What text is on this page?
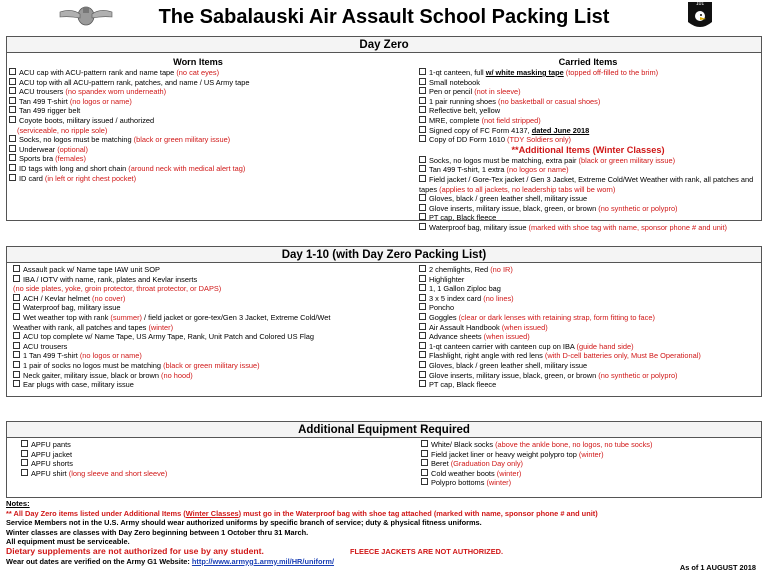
The Sabalauski Air Assault School Packing List
101
Day Zero
Worn Items
ACU cap with ACU-pattern rank and name tape (no cat eyes)
ACU top with all ACU-pattern rank, patches, and name / US Army tape
ACU trousers (no spandex worn underneath)
Tan 499 T-shirt (no logos or name)
Tan 499 rigger belt
Coyote boots, military issued / authorized
(serviceable, no ripple sole)
Socks, no logos must be matching (black or green military issue)
Underwear (optional)
Sports bra (females)
ID tags with long and short chain (around neck with medical alert tag)
ID card (in left or right chest pocket)
Carried Items
1-qt canteen, full w/ white masking tape (topped off-filled to the brim)
Small notebook
Pen or pencil (not in sleeve)
1 pair running shoes (no basketball or casual shoes)
Reflective belt, yellow
MRE, complete (not field stripped)
Signed copy of FC Form 4137, dated June 2018
Copy of DD Form 1610 (TDY Soldiers only)
**Additional Items (Winter Classes)
Socks, no logos must be matching, extra pair (black or green military issue)
Tan 499 T-shirt, 1 extra (no logos or name)
Field jacket / Gore-Tex jacket / Gen 3 Jacket, Extreme Cold/Wet Weather with rank, all patches and tapes (applies to all jackets, no leadership tabs will be worn)
Gloves, black / green leather shell, military issue
Glove inserts, military issue, black, green, or brown (no synthetic or polypro)
PT cap, Black fleece
Waterproof bag, military issue (marked with shoe tag with name, sponsor phone # and unit)
Day 1-10 (with Day Zero Packing List)
Assault pack w/ Name tape IAW unit SOP
IBA / IOTV with name, rank, plates and Kevlar inserts
(no side plates, yoke, groin protector, throat protector, or DAPS)
ACH / Kevlar helmet (no cover)
Waterproof bag, military issue
Wet weather top with rank (summer) / field jacket or gore-tex/Gen 3 Jacket, Extreme Cold/Wet
Weather with rank, all patches and tapes (winter)
ACU top complete w/ Name Tape, US Army Tape, Rank, Unit Patch and Colored US Flag
ACU trousers
1 Tan 499 T-shirt (no logos or name)
1 pair of socks no logos must be matching (black or green military issue)
Neck gaiter, military issue, black or brown (no hood)
Ear plugs with case, military issue
2 chemlights, Red (no IR)
Highlighter
1, 1 Gallon Ziploc bag
3 x 5 index card (no lines)
Poncho
Goggles (clear or dark lenses with retaining strap, form fitting to face)
Air Assault Handbook (when issued)
Advance sheets (when issued)
1-qt canteen carrier with canteen cup on IBA (guide hand side)
Flashlight, right angle with red lens (with D-cell batteries only, Must Be Operational)
Gloves, black / green leather shell, military issue
Glove inserts, military issue, black, green, or brown (no synthetic or polypro)
PT cap, Black fleece
Additional Equipment Required
APFU pants
APFU jacket
APFU shorts
APFU shirt (long sleeve and short sleeve)
White/ Black socks (above the ankle bone, no logos, no tube socks)
Field jacket liner or heavy weight polypro top (winter)
Beret (Graduation Day only)
Cold weather boots (winter)
Polypro bottoms (winter)
Notes:
** All Day Zero items listed under Additional Items (Winter Classes) must go in the Waterproof bag with shoe tag attached (marked with name, sponsor phone # and unit)
Service Members not in the U.S. Army should wear authorized uniforms by specific branch of service; duty & physical fitness uniforms.
Winter classes are classes with Day Zero beginning between 1 October thru 31 March.
All equipment must be serviceable.
Dietary supplements are not authorized for use by any student.
Wear out dates are verified on the Army G1 Website: http://www.armyg1.army.mil/HR/uniform/
FLEECE JACKETS ARE NOT AUTHORIZED.
As of 1 AUGUST 2018
